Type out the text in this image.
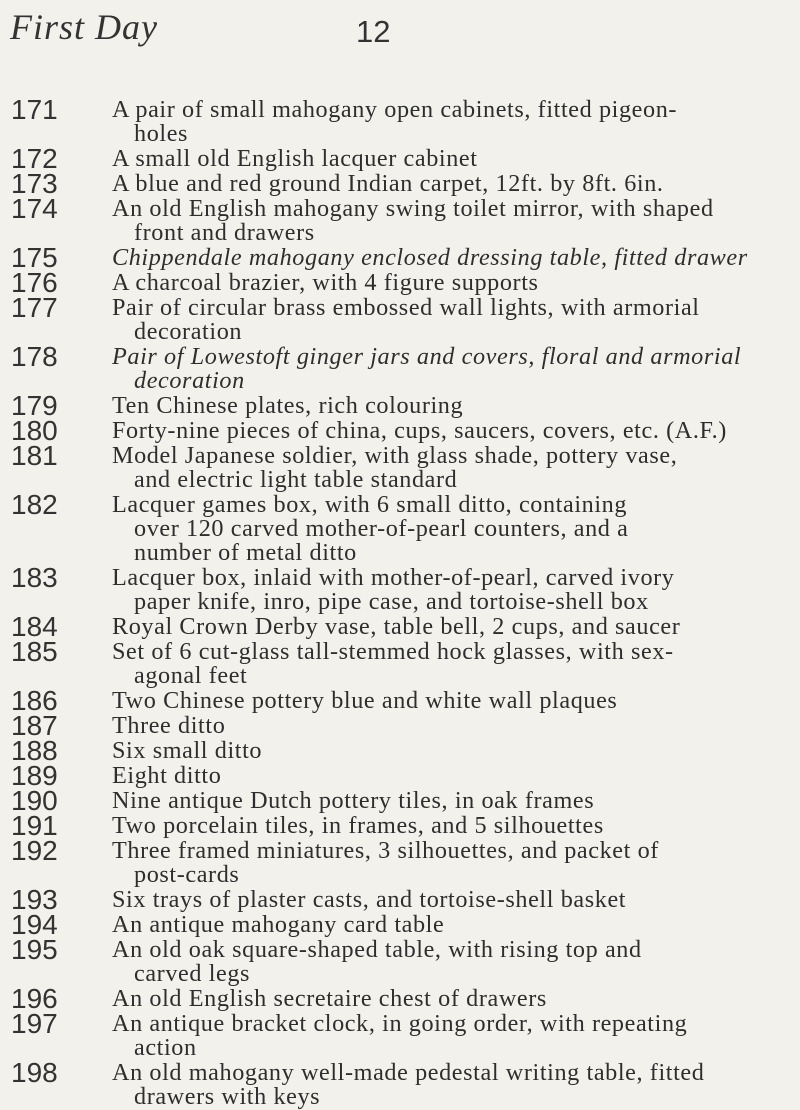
First Day	12
171	A pair of small mahogany open cabinets, fitted pigeon-
holes
172	A small old English lacquer cabinet
173	A blue and red ground Indian carpet, 12ft. by 8ft. 6in.
174	An old English mahogany swing toilet mirror, with shaped
front and drawers
175	Chippendale mahogany enclosed dressing table, fitted drawer
176	A charcoal brazier, with 4 figure supports
177	Pair of circular brass embossed wall lights, with armorial
decoration
178	Pair of Lowestoft ginger jars and covers, floral and armorial
decoration
179	Ten Chinese plates, rich colouring
180	Forty-nine pieces of china, cups, saucers, covers, etc. (A.F.)
181	Model Japanese soldier, with glass shade, pottery vase,
and electric light table standard
182	Lacquer games box, with 6 small ditto, containing
over 120 carved mother-of-pearl counters, and a
number of metal ditto
183	Lacquer box, inlaid with mother-of-pearl, carved ivory
paper knife, inro, pipe case, and tortoise-shell box
184	Royal Crown Derby vase, table bell, 2 cups, and saucer
185	Set of 6 cut-glass tall-stemmed hock glasses, with sex-
agonal feet
186	Two Chinese pottery blue and white wall plaques
187	Three ditto
188	Six small ditto
189	Eight ditto
190	Nine antique Dutch pottery tiles, in oak frames
191	Two porcelain tiles, in frames, and 5 silhouettes
192	Three framed miniatures, 3 silhouettes, and packet of
post-cards
193	Six trays of plaster casts, and tortoise-shell basket
194	An antique mahogany card table
195	An old oak square-shaped table, with rising top and
carved legs
196	An old English secretaire chest of drawers
197	An antique bracket clock, in going order, with repeating
action
198	An old mahogany well-made pedestal writing table, fitted
drawers with keys
